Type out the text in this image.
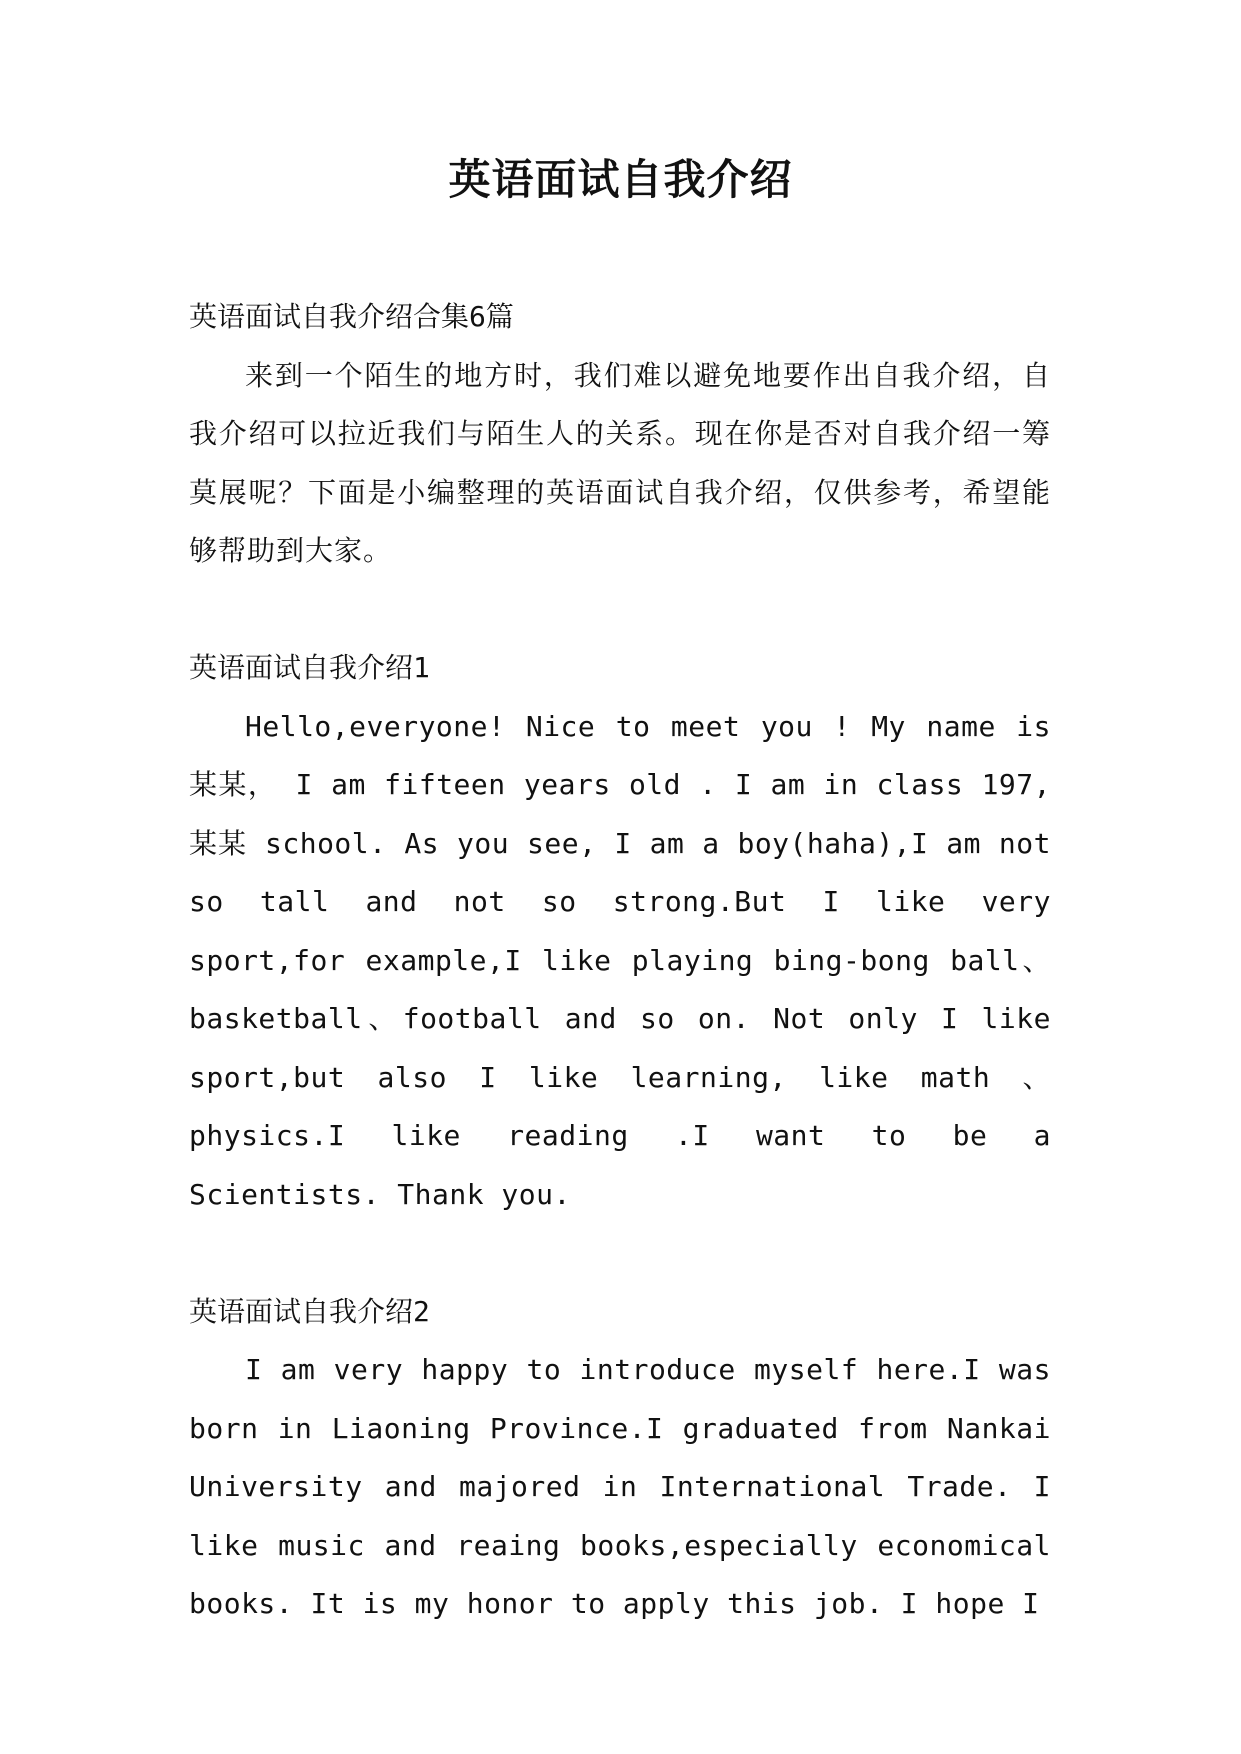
英语面试自我介绍

英语面试自我介绍合集6篇

来到一个陌生的地方时，我们难以避免地要作出自我介绍，自我介绍可以拉近我们与陌生人的关系。现在你是否对自我介绍一筹莫展呢？下面是小编整理的英语面试自我介绍，仅供参考，希望能够帮助到大家。

英语面试自我介绍1

Hello,everyone! Nice to meet you ! My name is 某某， I am fifteen years old . I am in class 197, 某某 school. As you see, I am a boy(haha),I am not so tall and not so strong.But I like very sport,for example,I like playing bing-bong ball、basketball、football and so on. Not only I like sport,but also I like learning, like math 、 physics.I like reading .I want to be a Scientists. Thank you.

英语面试自我介绍2

I am very happy to introduce myself here.I was born in Liaoning Province.I graduated from Nankai University and majored in International Trade. I like music and reaing books,especially economical books. It is my honor to apply this job. I hope I
